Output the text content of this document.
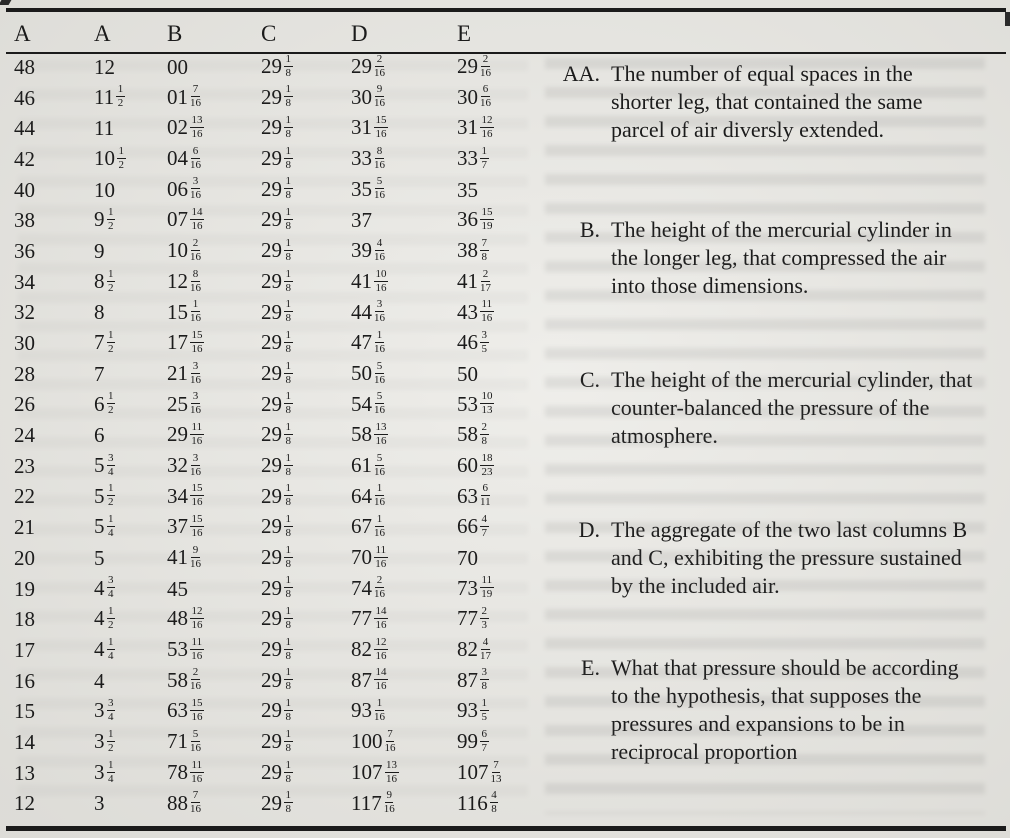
A	A	B	C	D	E
48	12	00	$29 \frac{1}{8}$	$29 \frac{2}{16}$	$29 \frac{2}{16}$

46	$11 \frac{1}{2}$	$01 \frac{7}{16}$	$29 \frac{1}{8}$	$30 \frac{9}{16}$	$30 \frac{6}{16}$

44	11	$02 \frac{13}{16}$	$29 \frac{1}{8}$	$31 \frac{15}{16}$	$31 \frac{12}{16}$

42	$10 \frac{1}{2}$	$04 \frac{6}{16}$	$29 \frac{1}{8}$	$33 \frac{8}{16}$	$33 \frac{1}{7}$

40	10	$06 \frac{3}{16}$	$29 \frac{1}{8}$	$35 \frac{5}{16}$	35
38	$9 \frac{1}{2}$	$07 \frac{14}{16}$	$29 \frac{1}{8}$	37	$36 \frac{15}{19}$

36	9	$10 \frac{2}{16}$	$29 \frac{1}{8}$	$39 \frac{4}{16}$	$38 \frac{7}{8}$

34	$8 \frac{1}{2}$	$12 \frac{8}{16}$	$29 \frac{1}{8}$	$41 \frac{10}{16}$	$41 \frac{2}{17}$

32	8	$15 \frac{1}{16}$	$29 \frac{1}{8}$	$44 \frac{3}{16}$	$43 \frac{11}{16}$

30	$7 \frac{1}{2}$	$17 \frac{15}{16}$	$29 \frac{1}{8}$	$47 \frac{1}{16}$	$46 \frac{3}{5}$

28	7	$21 \frac{3}{16}$	$29 \frac{1}{8}$	$50 \frac{5}{16}$	50
26	$6 \frac{1}{2}$	$25 \frac{3}{16}$	$29 \frac{1}{8}$	$54 \frac{5}{16}$	$53 \frac{10}{13}$

24	6	$29 \frac{11}{16}$	$29 \frac{1}{8}$	$58 \frac{13}{16}$	$58 \frac{2}{8}$

23	$5 \frac{3}{4}$	$32 \frac{3}{16}$	$29 \frac{1}{8}$	$61 \frac{5}{16}$	$60 \frac{18}{23}$

22	$5 \frac{1}{2}$	$34 \frac{15}{16}$	$29 \frac{1}{8}$	$64 \frac{1}{16}$	$63 \frac{6}{11}$

21	$5 \frac{1}{4}$	$37 \frac{15}{16}$	$29 \frac{1}{8}$	$67 \frac{1}{16}$	$66 \frac{4}{7}$

20	5	$41 \frac{9}{16}$	$29 \frac{1}{8}$	$70 \frac{11}{16}$	70
19	$4 \frac{3}{4}$	45	$29 \frac{1}{8}$	$74 \frac{2}{16}$	$73 \frac{11}{19}$

18	$4 \frac{1}{2}$	$48 \frac{12}{16}$	$29 \frac{1}{8}$	$77 \frac{14}{16}$	$77 \frac{2}{3}$

17	$4 \frac{1}{4}$	$53 \frac{11}{16}$	$29 \frac{1}{8}$	$82 \frac{12}{16}$	$82 \frac{4}{17}$

16	4	$58 \frac{2}{16}$	$29 \frac{1}{8}$	$87 \frac{14}{16}$	$87 \frac{3}{8}$

15	$3 \frac{3}{4}$	$63 \frac{15}{16}$	$29 \frac{1}{8}$	$93 \frac{1}{16}$	$93 \frac{1}{5}$

14	$3 \frac{1}{2}$	$71 \frac{5}{16}$	$29 \frac{1}{8}$	$100 \frac{7}{16}$	$99 \frac{6}{7}$

13	$3 \frac{1}{4}$	$78 \frac{11}{16}$	$29 \frac{1}{8}$	$107 \frac{13}{16}$	$107 \frac{7}{13}$

12	3	$88 \frac{7}{16}$	$29 \frac{1}{8}$	$117 \frac{9}{16}$	$116 \frac{4}{8}$
AA. The number of equal spaces in the shorter leg, that contained the same parcel of air diversly extended.
B. The height of the mercurial cylinder in the longer leg, that compressed the air into those dimensions.
C. The height of the mercurial cylinder, that counter-balanced the pressure of the atmosphere.
D. The aggregate of the two last columns B and C, exhibiting the pressure sustained by the included air.
E. What that pressure should be according to the hypothesis, that supposes the pressures and expansions to be in reciprocal proportion
